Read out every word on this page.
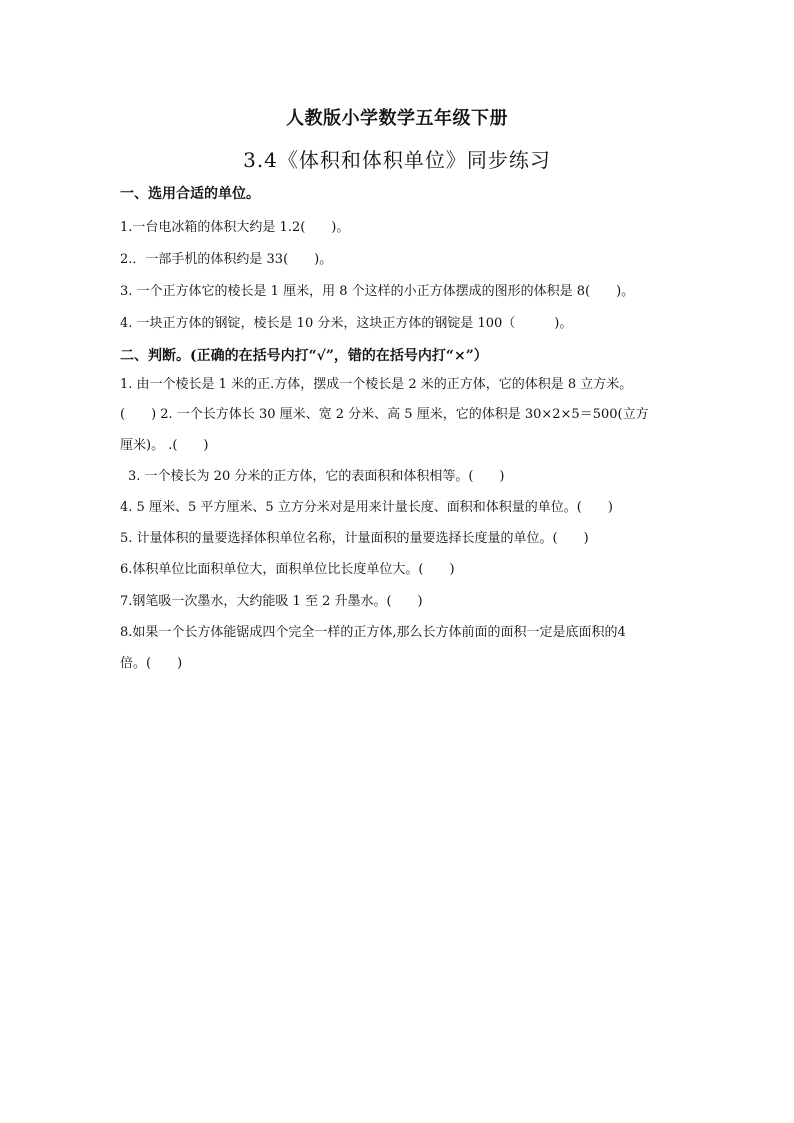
人教版小学数学五年级下册
3.4《体积和体积单位》同步练习
一、选用合适的单位。
1.一台电冰箱的体积大约是 1.2(　　)。
2.．一部手机的体积约是 33(　　)。
3. 一个正方体它的棱长是 1 厘米，用 8 个这样的小正方体摆成的图形的体积是 8(　　)。
4. 一块正方体的钢锭，棱长是 10 分米，这块正方体的钢锭是 100（　　　)。
二、判断。(正确的在括号内打“√”，错的在括号内打“×”）
1. 由一个棱长是 1 米的正.方体，摆成一个棱长是 2 米的正方体，它的体积是 8 立方米。
(　　) 2. 一个长方体长 30 厘米、宽 2 分米、高 5 厘米，它的体积是 30×2×5＝500(立方
厘米)。 .(　　)
3. 一个棱长为 20 分米的正方体，它的表面积和体积相等。(　　)
4. 5 厘米、5 平方厘米、5 立方分米对是用来计量长度、面积和体积量的单位。(　　)
5. 计量体积的量要选择体积单位名称，计量面积的量要选择长度量的单位。(　　)
6.体积单位比面积单位大，面积单位比长度单位大。(　　)
7.钢笔吸一次墨水，大约能吸 1 至 2 升墨水。(　　)
8.如果一个长方体能锯成四个完全一样的正方体,那么长方体前面的面积一定是底面积的4
倍。(　　)
